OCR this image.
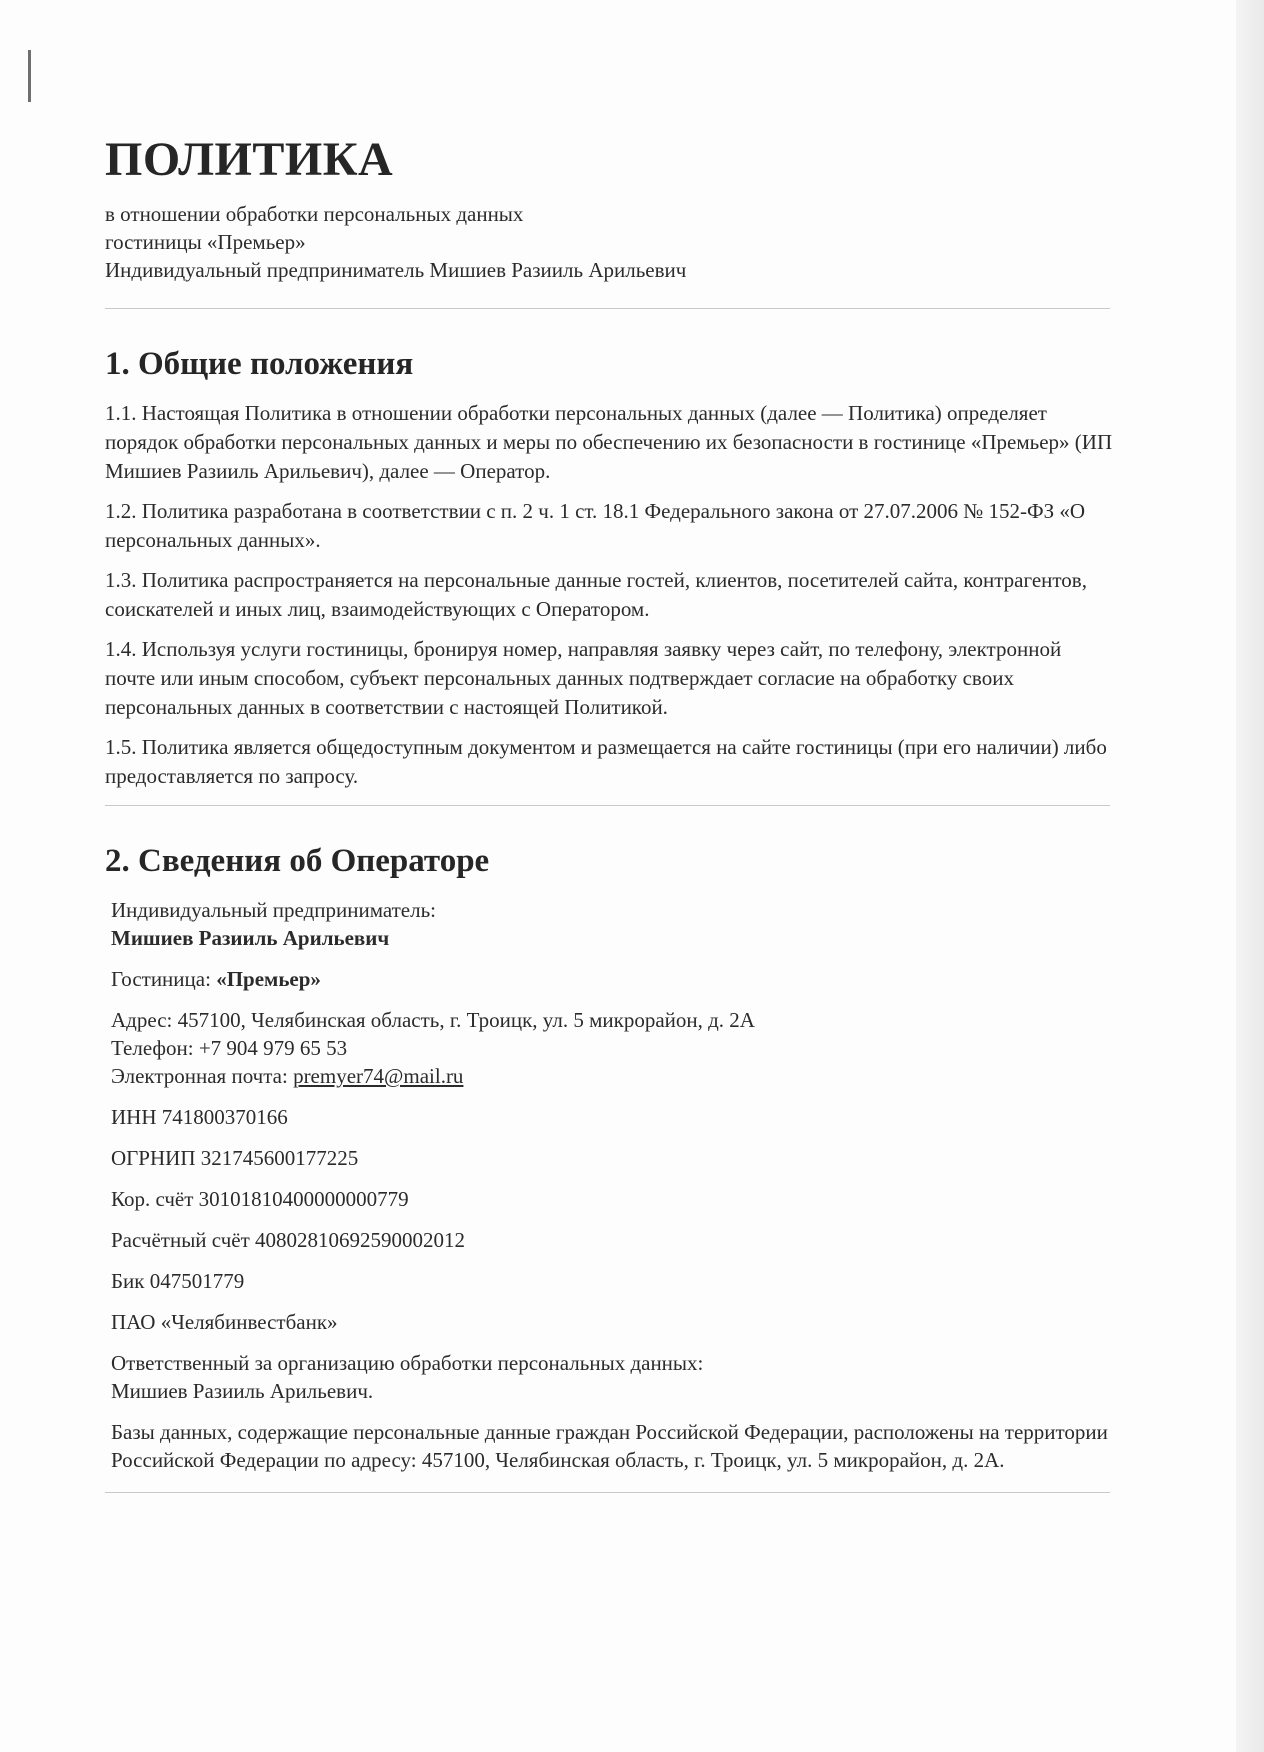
ПОЛИТИКА
в отношении обработки персональных данных
гостиницы «Премьер»
Индивидуальный предприниматель Мишиев Разииль Арильевич
1. Общие положения

1.1. Настоящая Политика в отношении обработки персональных данных (далее — Политика) определяет порядок обработки персональных данных и меры по обеспечению их безопасности в гостинице «Премьер» (ИП Мишиев Разииль Арильевич), далее — Оператор.

1.2. Политика разработана в соответствии с п. 2 ч. 1 ст. 18.1 Федерального закона от 27.07.2006 № 152-ФЗ «О персональных данных».

1.3. Политика распространяется на персональные данные гостей, клиентов, посетителей сайта, контрагентов, соискателей и иных лиц, взаимодействующих с Оператором.

1.4. Используя услуги гостиницы, бронируя номер, направляя заявку через сайт, по телефону, электронной почте или иным способом, субъект персональных данных подтверждает согласие на обработку своих персональных данных в соответствии с настоящей Политикой.

1.5. Политика является общедоступным документом и размещается на сайте гостиницы (при его наличии) либо предоставляется по запросу.

2. Сведения об Операторе
Индивидуальный предприниматель:
Мишиев Разииль Арильевич
Гостиница: «Премьер»
Адрес: 457100, Челябинская область, г. Троицк, ул. 5 микрорайон, д. 2А
Телефон: +7 904 979 65 53
Электронная почта: premyer74@mail.ru
ИНН 741800370166
ОГРНИП 321745600177225
Кор. счёт 30101810400000000779
Расчётный счёт 40802810692590002012
Бик 047501779
ПАО «Челябинвестбанк»
Ответственный за организацию обработки персональных данных:
Мишиев Разииль Арильевич.
Базы данных, содержащие персональные данные граждан Российской Федерации, расположены на территории Российской Федерации по адресу: 457100, Челябинская область, г. Троицк, ул. 5 микрорайон, д. 2А.
